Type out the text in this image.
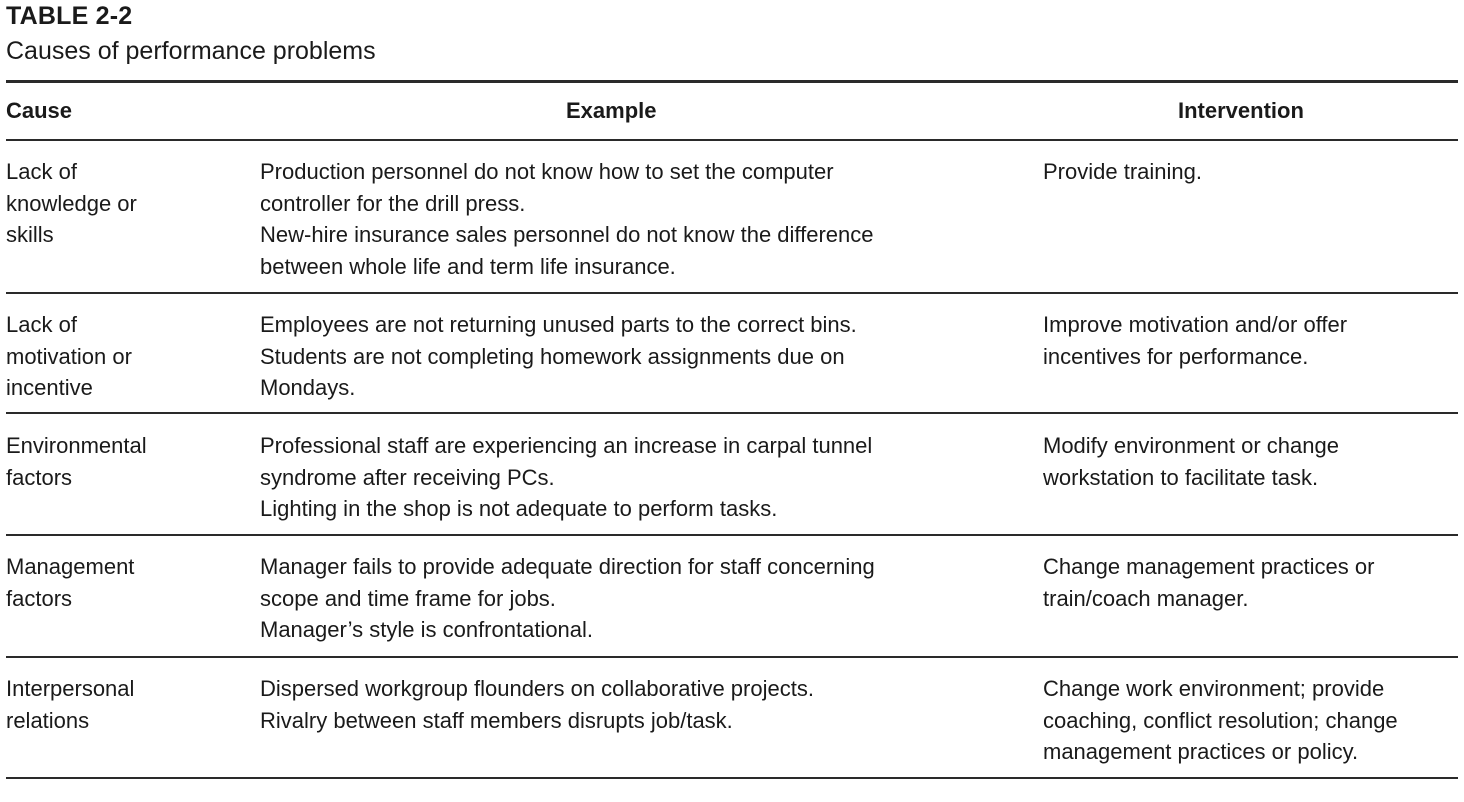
TABLE 2-2
Causes of performance problems
Cause	Example	Intervention
Lack of
knowledge or
skills
Production personnel do not know how to set the computer
controller for the drill press.
New-hire insurance sales personnel do not know the difference
between whole life and term life insurance.
Provide training.
Lack of
motivation or
incentive
Employees are not returning unused parts to the correct bins.
Students are not completing homework assignments due on
Mondays.
Improve motivation and/or offer
incentives for performance.
Environmental
factors
Professional staff are experiencing an increase in carpal tunnel
syndrome after receiving PCs.
Lighting in the shop is not adequate to perform tasks.
Modify environment or change
workstation to facilitate task.
Management
factors
Manager fails to provide adequate direction for staff concerning
scope and time frame for jobs.
Manager’s style is confrontational.
Change management practices or
train/coach manager.
Interpersonal
relations
Dispersed workgroup flounders on collaborative projects.
Rivalry between staff members disrupts job/task.
Change work environment; provide
coaching, conflict resolution; change
management practices or policy.
